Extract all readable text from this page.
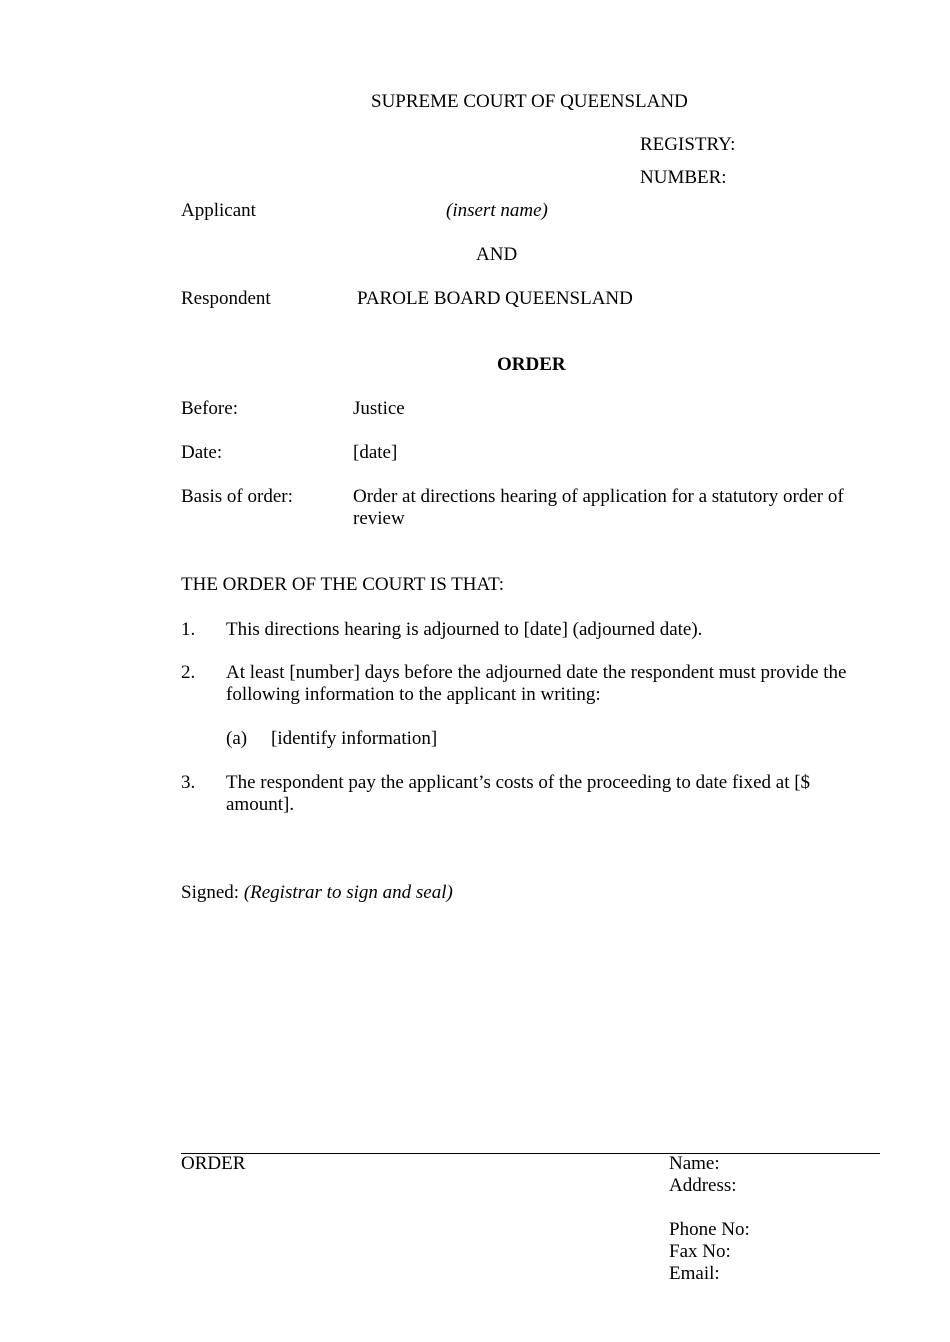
SUPREME COURT OF QUEENSLAND
REGISTRY:
NUMBER:
Applicant	(insert name)
AND
Respondent	PAROLE BOARD QUEENSLAND
ORDER
Before:	Justice
Date:	[date]
Basis of order:	Order at directions hearing of application for a statutory order of review
THE ORDER OF THE COURT IS THAT:
1. This directions hearing is adjourned to [date] (adjourned date).
2. At least [number] days before the adjourned date the respondent must provide the following information to the applicant in writing:
(a) [identify information]
3. The respondent pay the applicant’s costs of the proceeding to date fixed at [$ amount].
Signed: (Registrar to sign and seal)
ORDER	Name:
Address:
Phone No:
Fax No:
Email:
